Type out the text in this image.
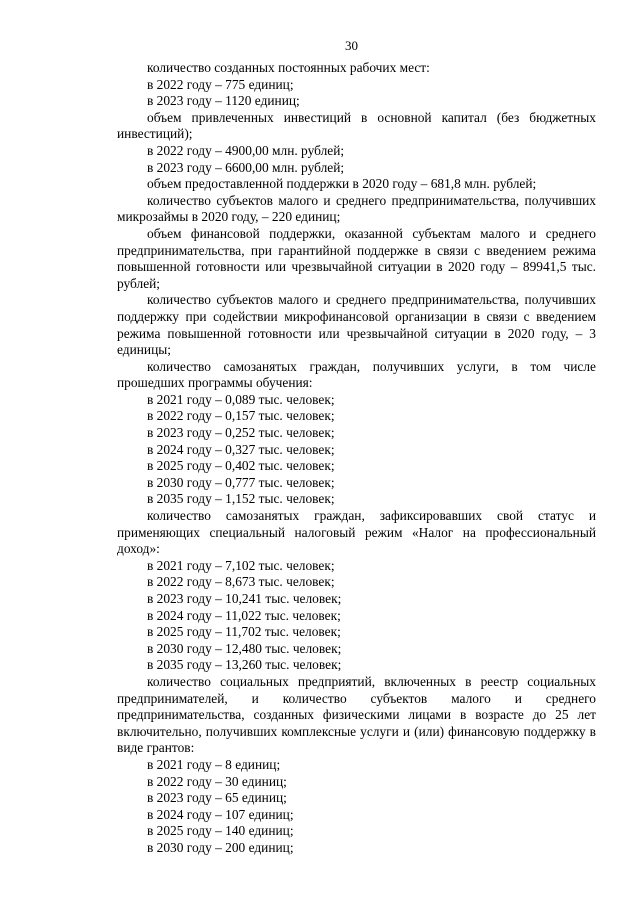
30

количество созданных постоянных рабочих мест:

в 2022 году – 775 единиц;

в 2023 году – 1120 единиц;

объем привлеченных инвестиций в основной капитал (без бюджетных инвестиций);

в 2022 году – 4900,00 млн. рублей;

в 2023 году – 6600,00 млн. рублей;

объем предоставленной поддержки в 2020 году – 681,8 млн. рублей;

количество субъектов малого и среднего предпринимательства, получивших микрозаймы в 2020 году, – 220 единиц;

объем финансовой поддержки, оказанной субъектам малого и среднего предпринимательства, при гарантийной поддержке в связи с введением режима повышенной готовности или чрезвычайной ситуации в 2020 году – 89941,5 тыс. рублей;

количество субъектов малого и среднего предпринимательства, получивших поддержку при содействии микрофинансовой организации в связи с введением режима повышенной готовности или чрезвычайной ситуации в 2020 году, – 3 единицы;

количество самозанятых граждан, получивших услуги, в том числе прошедших программы обучения:

в 2021 году – 0,089 тыс. человек;

в 2022 году – 0,157 тыс. человек;

в 2023 году – 0,252 тыс. человек;

в 2024 году – 0,327 тыс. человек;

в 2025 году – 0,402 тыс. человек;

в 2030 году – 0,777 тыс. человек;

в 2035 году – 1,152 тыс. человек;

количество самозанятых граждан, зафиксировавших свой статус и применяющих специальный налоговый режим «Налог на профессиональный доход»:

в 2021 году – 7,102 тыс. человек;

в 2022 году – 8,673 тыс. человек;

в 2023 году – 10,241 тыс. человек;

в 2024 году – 11,022 тыс. человек;

в 2025 году – 11,702 тыс. человек;

в 2030 году – 12,480 тыс. человек;

в 2035 году – 13,260 тыс. человек;

количество социальных предприятий, включенных в реестр социальных предпринимателей, и количество субъектов малого и среднего предпринимательства, созданных физическими лицами в возрасте до 25 лет включительно, получивших комплексные услуги и (или) финансовую поддержку в виде грантов:

в 2021 году – 8 единиц;

в 2022 году – 30 единиц;

в 2023 году – 65 единиц;

в 2024 году – 107 единиц;

в 2025 году – 140 единиц;

в 2030 году – 200 единиц;
